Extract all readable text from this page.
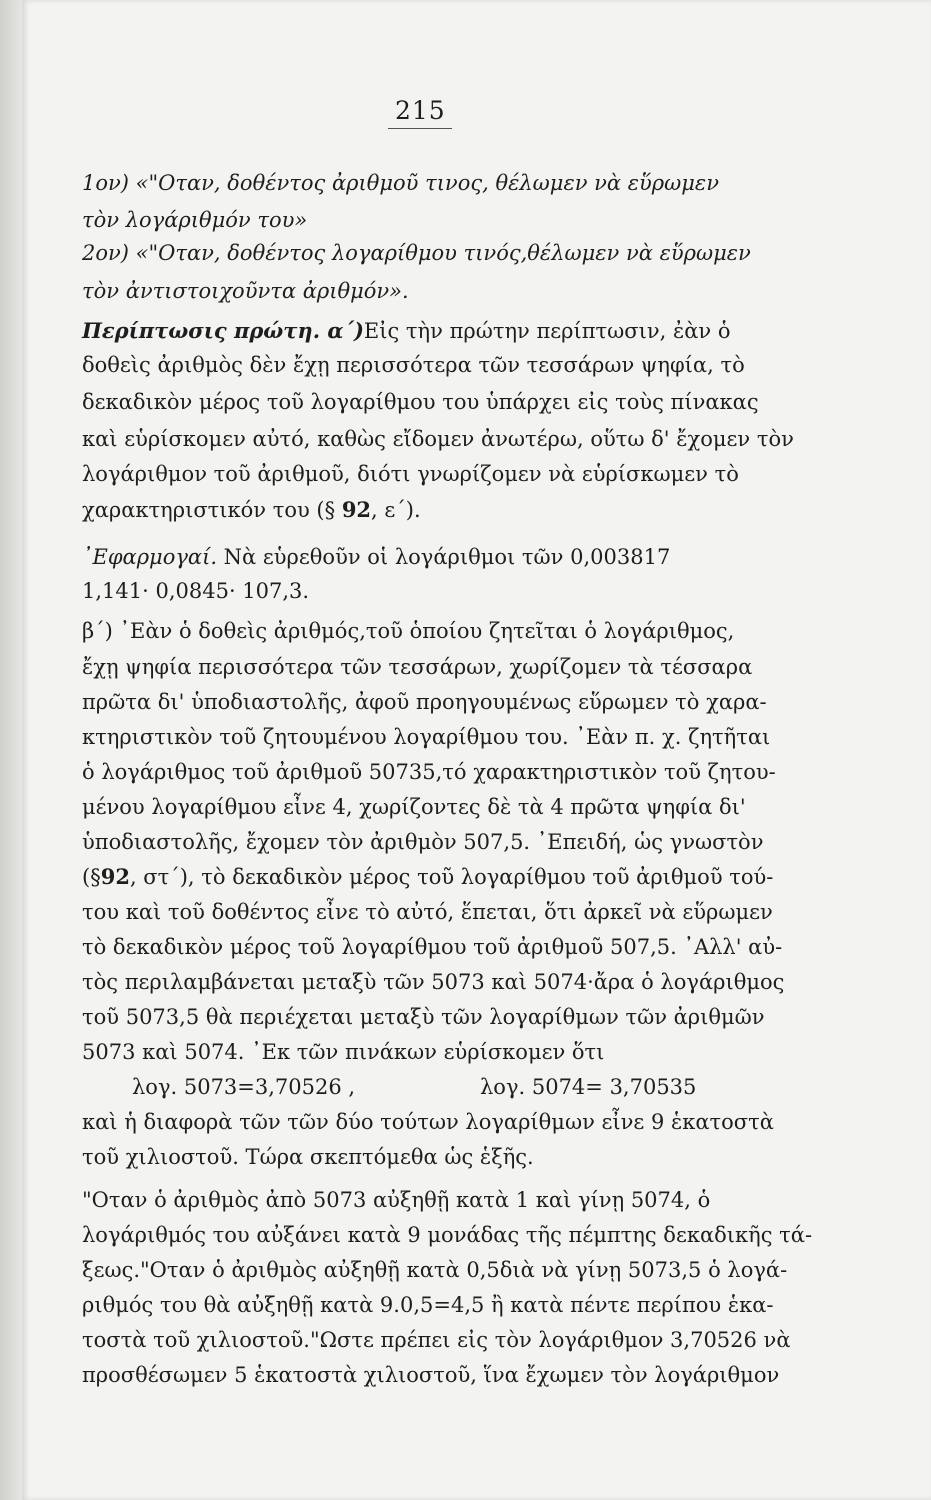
215
1ον) «"Οταν, δοθέντος ἀριθμοῦ τινος, θέλωμεν νὰ εὕρωμεν
τὸν λογάριθμόν του»
2ον) «"Οταν, δοθέντος λογαρίθμου τινός,θέλωμεν νὰ εὕρωμεν
τὸν ἀντιστοιχοῦντα ἀριθμόν».
Περίπτωσις πρώτη. α΄)Εἰς τὴν πρώτην περίπτωσιν, ἐὰν ὁ
δοθεὶς ἀριθμὸς δὲν ἔχῃ περισσότερα τῶν τεσσάρων ψηφία, τὸ
δεκαδικὸν μέρος τοῦ λογαρίθμου του ὑπάρχει εἰς τοὺς πίνακας
καὶ εὑρίσκομεν αὐτό, καθὼς εἴδομεν ἀνωτέρω, οὕτω δ' ἔχομεν τὸν
λογάριθμον τοῦ ἀριθμοῦ, διότι γνωρίζομεν νὰ εὑρίσκωμεν τὸ
χαρακτηριστικόν του (§ 92, ε΄).
᾿Εφαρμογαί. Νὰ εὑρεθοῦν οἱ λογάριθμοι τῶν 0,003817
1,141· 0,0845· 107,3.
β΄) ᾿Εὰν ὁ δοθεὶς ἀριθμός,τοῦ ὁποίου ζητεῖται ὁ λογάριθμος,
ἔχῃ ψηφία περισσότερα τῶν τεσσάρων, χωρίζομεν τὰ τέσσαρα
πρῶτα δι' ὑποδιαστολῆς, ἀφοῦ προηγουμένως εὕρωμεν τὸ χαρα-
κτηριστικὸν τοῦ ζητουμένου λογαρίθμου του. ᾿Εὰν π. χ. ζητῆται
ὁ λογάριθμος τοῦ ἀριθμοῦ 50735,τό χαρακτηριστικὸν τοῦ ζητου-
μένου λογαρίθμου εἶνε 4, χωρίζοντες δὲ τὰ 4 πρῶτα ψηφία δι'
ὑποδιαστολῆς, ἔχομεν τὸν ἀριθμὸν 507,5. ᾿Επειδή, ὡς γνωστὸν
(§92, στ΄), τὸ δεκαδικὸν μέρος τοῦ λογαρίθμου τοῦ ἀριθμοῦ τού-
του καὶ τοῦ δοθέντος εἶνε τὸ αὐτό, ἕπεται, ὅτι ἀρκεῖ νὰ εὕρωμεν
τὸ δεκαδικὸν μέρος τοῦ λογαρίθμου τοῦ ἀριθμοῦ 507,5. ᾿Αλλ' αὐ-
τὸς περιλαμβάνεται μεταξὺ τῶν 5073 καὶ 5074·ἄρα ὁ λογάριθμος
τοῦ 5073,5 θὰ περιέχεται μεταξὺ τῶν λογαρίθμων τῶν ἀριθμῶν
5073 καὶ 5074. ᾿Εκ τῶν πινάκων εὑρίσκομεν ὅτι
λογ. 5073=3,70526 ,	λογ. 5074= 3,70535
καὶ ἡ διαφορὰ τῶν τῶν δύο τούτων λογαρίθμων εἶνε 9 ἑκατοστὰ
τοῦ χιλιοστοῦ. Τώρα σκεπτόμεθα ὡς ἑξῆς.
"Οταν ὁ ἀριθμὸς ἀπὸ 5073 αὐξηθῇ κατὰ 1 καὶ γίνῃ 5074, ὁ
λογάριθμός του αὐξάνει κατὰ 9 μονάδας τῆς πέμπτης δεκαδικῆς τά-
ξεως."Οταν ὁ ἀριθμὸς αὐξηθῇ κατὰ 0,5διὰ νὰ γίνῃ 5073,5 ὁ λογά-
ριθμός του θὰ αὐξηθῇ κατὰ 9.0,5=4,5 ἢ κατὰ πέντε περίπου ἑκα-
τοστὰ τοῦ χιλιοστοῦ."Ωστε πρέπει εἰς τὸν λογάριθμον 3,70526 νὰ
προσθέσωμεν 5 ἑκατοστὰ χιλιοστοῦ, ἵνα ἔχωμεν τὸν λογάριθμον
